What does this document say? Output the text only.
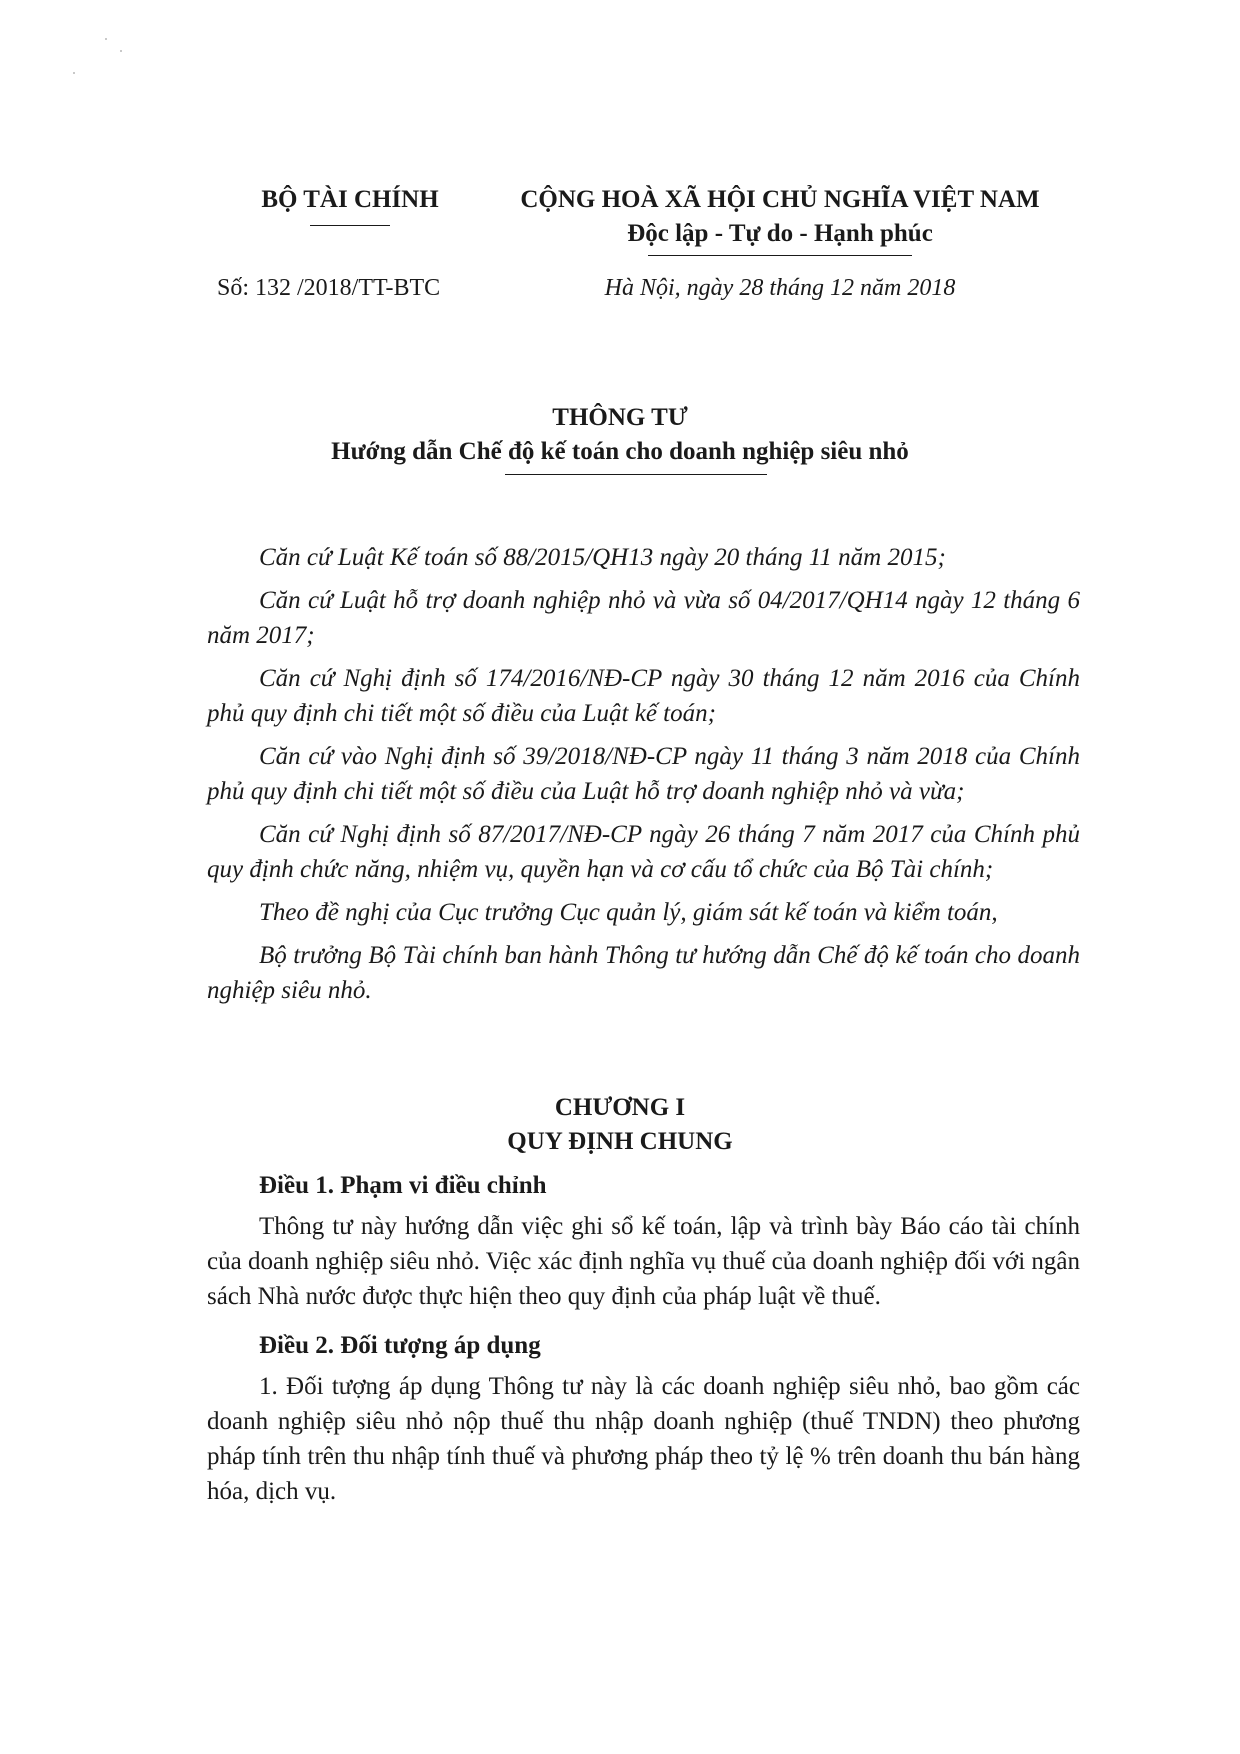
BỘ TÀI CHÍNH	CỘNG HOÀ XÃ HỘI CHỦ NGHĨA VIỆT NAM
Độc lập - Tự do - Hạnh phúc
Số: 132 /2018/TT-BTC	Hà Nội, ngày 28 tháng 12 năm 2018
THÔNG TƯ
Hướng dẫn Chế độ kế toán cho doanh nghiệp siêu nhỏ

Căn cứ Luật Kế toán số 88/2015/QH13 ngày 20 tháng 11 năm 2015;

Căn cứ Luật hỗ trợ doanh nghiệp nhỏ và vừa số 04/2017/QH14 ngày 12 tháng 6 năm 2017;

Căn cứ Nghị định số 174/2016/NĐ-CP ngày 30 tháng 12 năm 2016 của Chính phủ quy định chi tiết một số điều của Luật kế toán;

Căn cứ vào Nghị định số 39/2018/NĐ-CP ngày 11 tháng 3 năm 2018 của Chính phủ quy định chi tiết một số điều của Luật hỗ trợ doanh nghiệp nhỏ và vừa;

Căn cứ Nghị định số 87/2017/NĐ-CP ngày 26 tháng 7 năm 2017 của Chính phủ quy định chức năng, nhiệm vụ, quyền hạn và cơ cấu tổ chức của Bộ Tài chính;

Theo đề nghị của Cục trưởng Cục quản lý, giám sát kế toán và kiểm toán,

Bộ trưởng Bộ Tài chính ban hành Thông tư hướng dẫn Chế độ kế toán cho doanh nghiệp siêu nhỏ.

CHƯƠNG I
QUY ĐỊNH CHUNG
Điều 1. Phạm vi điều chỉnh

Thông tư này hướng dẫn việc ghi sổ kế toán, lập và trình bày Báo cáo tài chính của doanh nghiệp siêu nhỏ. Việc xác định nghĩa vụ thuế của doanh nghiệp đối với ngân sách Nhà nước được thực hiện theo quy định của pháp luật về thuế.

Điều 2. Đối tượng áp dụng

1. Đối tượng áp dụng Thông tư này là các doanh nghiệp siêu nhỏ, bao gồm các doanh nghiệp siêu nhỏ nộp thuế thu nhập doanh nghiệp (thuế TNDN) theo phương pháp tính trên thu nhập tính thuế và phương pháp theo tỷ lệ % trên doanh thu bán hàng hóa, dịch vụ.
